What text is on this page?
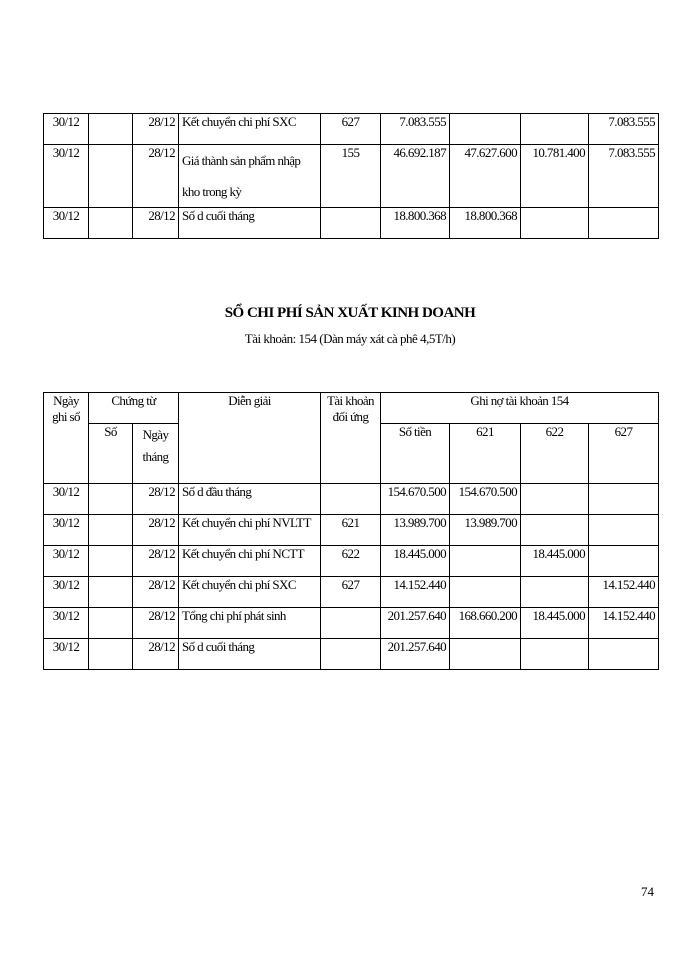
30/12		28/12	Kết chuyển chi phí SXC	627	7.083.555			7.083.555
30/12		28/12	Giá thành sản phẩm nhập
kho trong kỳ	155	46.692.187	47.627.600	10.781.400	7.083.555
30/12		28/12	Số d cuối tháng		18.800.368	18.800.368		
SỔ CHI PHÍ SẢN XUẤT KINH DOANH
Tài khoản: 154 (Dàn máy xát cà phê 4,5T/h)
Ngày ghi sổ	Chứng từ		Diễn giải	Tài khoản đối ứng	Ghi nợ tài khoản 154			
	Số	Ngày tháng			Số tiền	621	622	627
30/12		28/12	Số d đầu tháng		154.670.500	154.670.500		
30/12		28/12	Kết chuyển chi phí NVLTT	621	13.989.700	13.989.700		
30/12		28/12	Kết chuyển chi phí NCTT	622	18.445.000		18.445.000	
30/12		28/12	Kết chuyển chi phí SXC	627	14.152.440			14.152.440
30/12		28/12	Tổng chi phí phát sinh		201.257.640	168.660.200	18.445.000	14.152.440
30/12		28/12	Số d cuối tháng		201.257.640			
74
